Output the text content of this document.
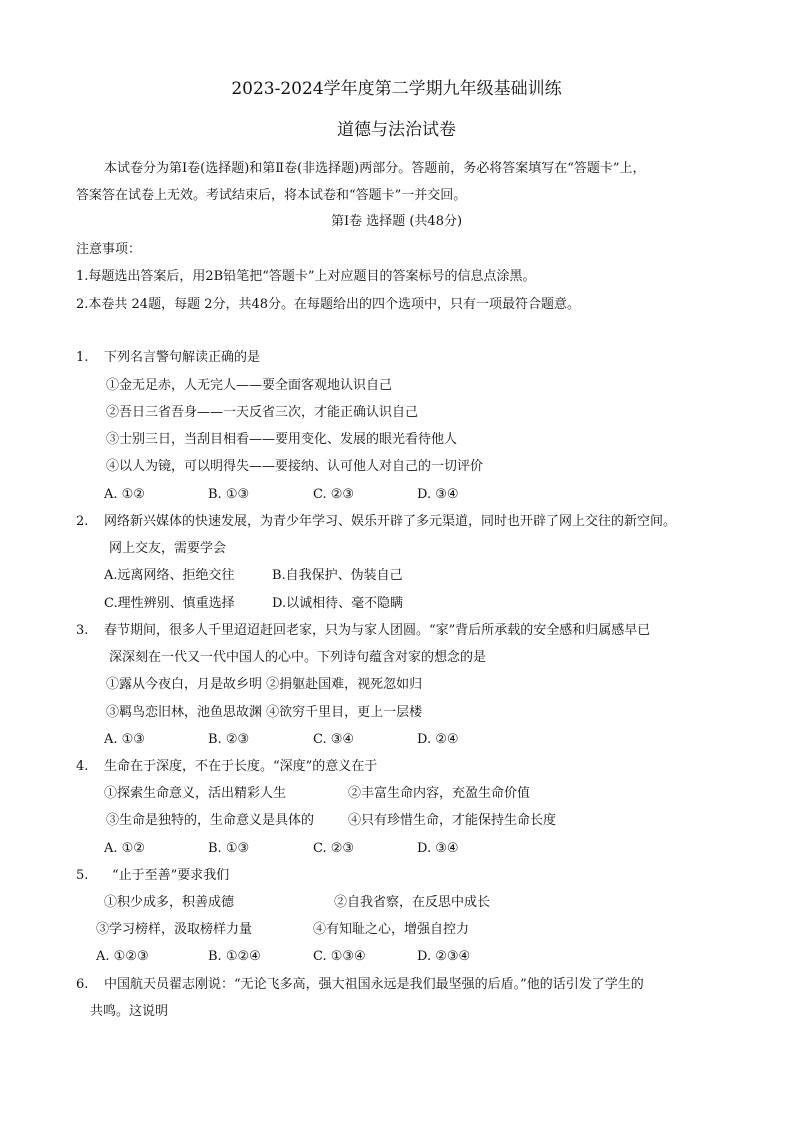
2023-2024学年度第二学期九年级基础训练
道德与法治试卷
本试卷分为第Ⅰ卷(选择题)和第Ⅱ卷(非选择题)两部分。答题前，务必将答案填写在“答题卡”上，
答案答在试卷上无效。考试结束后，将本试卷和“答题卡”一并交回。
第Ⅰ卷 选择题 (共48分)
注意事项：
1.每题选出答案后，用2B铅笔把“答题卡”上对应题目的答案标号的信息点涂黑。
2.本卷共 24题，每题 2分，共48分。在每题给出的四个选项中，只有一项最符合题意。
1. 下列名言警句解读正确的是
①金无足赤，人无完人——要全面客观地认识自己
②吾日三省吾身——一天反省三次，才能正确认识自己
③士别三日，当刮目相看——要用变化、发展的眼光看待他人
④以人为镜，可以明得失——要接纳、认可他人对自己的一切评价
A. ①②	B. ①③	C. ②③	D. ③④
2. 网络新兴媒体的快速发展，为青少年学习、娱乐开辟了多元渠道，同时也开辟了网上交往的新空间。
网上交友，需要学会
A.远离网络、拒绝交往	B.自我保护、伪装自己
C.理性辨别、慎重选择	D.以诚相待、毫不隐瞒
3. 春节期间，很多人千里迢迢赶回老家，只为与家人团圆。“家”背后所承载的安全感和归属感早已
深深刻在一代又一代中国人的心中。下列诗句蕴含对家的想念的是
①露从今夜白，月是故乡明 ②捐躯赴国难，视死忽如归
③羁鸟恋旧林，池鱼思故渊 ④欲穷千里目，更上一层楼
A. ①③	B. ②③	C. ③④	D. ②④
4. 生命在于深度，不在于长度。“深度”的意义在于
①探索生命意义，活出精彩人生	②丰富生命内容，充盈生命价值
③生命是独特的，生命意义是具体的	④只有珍惜生命，才能保持生命长度
A. ①②	B. ①③	C. ②③	D. ③④
5. “止于至善”要求我们
①积少成多，积善成德	②自我省察，在反思中成长
③学习榜样，汲取榜样力量	④有知耻之心，增强自控力
A. ①②③	B. ①②④	C. ①③④	D. ②③④
6. 中国航天员翟志刚说：“无论飞多高，强大祖国永远是我们最坚强的后盾。”他的话引发了学生的
共鸣。这说明
